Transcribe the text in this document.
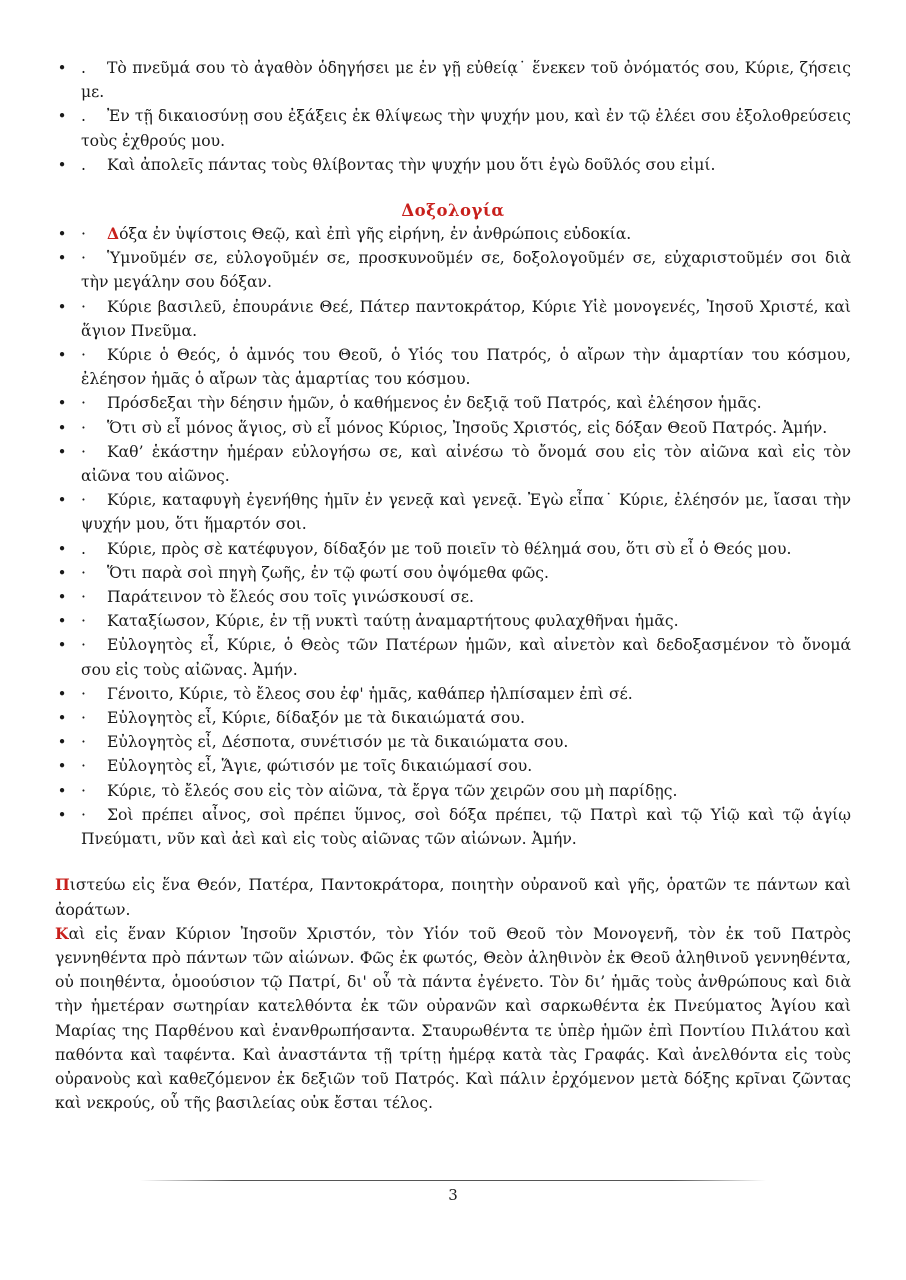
• . Τὸ πνεῦμά σου τὸ ἀγαθὸν ὁδηγήσει με ἐν γῇ εὐθείᾳ˙ ἕνεκεν τοῦ ὀνόματός σου, Κύριε, ζήσεις με.
• . Ἐν τῇ δικαιοσύνῃ σου ἐξάξεις ἐκ θλίψεως τὴν ψυχήν μου, καὶ ἐν τῷ ἐλέει σου ἐξολοθρεύσεις τοὺς ἐχθρούς μου.
• . Καὶ ἀπολεῖς πάντας τοὺς θλίβοντας τὴν ψυχήν μου ὅτι ἐγὼ δοῦλός σου εἰμί.
Δοξολογία
• · Δόξα ἐν ὑψίστοις Θεῷ, καὶ ἐπὶ γῆς εἰρήνη, ἐν ἀνθρώποις εὐδοκία.
• · Ὑμνοῦμέν σε, εὐλογοῦμέν σε, προσκυνοῦμέν σε, δοξολογοῦμέν σε, εὐχαριστοῦμέν σοι διὰ τὴν μεγάλην σου δόξαν.
• · Κύριε βασιλεῦ, ἐπουράνιε Θεέ, Πάτερ παντοκράτορ, Κύριε Υἱὲ μονογενές, Ἰησοῦ Χριστέ, καὶ ἅγιον Πνεῦμα.
• · Κύριε ὁ Θεός, ὁ ἀμνός του Θεοῦ, ὁ Υἱός του Πατρός, ὁ αἴρων τὴν ἁμαρτίαν του κόσμου, ἐλέησον ἡμᾶς ὁ αἴρων τὰς ἁμαρτίας του κόσμου.
• · Πρόσδεξαι τὴν δέησιν ἡμῶν, ὁ καθήμενος ἐν δεξιᾷ τοῦ Πατρός, καὶ ἐλέησον ἡμᾶς.
• · Ὅτι σὺ εἶ μόνος ἅγιος, σὺ εἶ μόνος Κύριος, Ἰησοῦς Χριστός, εἰς δόξαν Θεοῦ Πατρός. Ἀμήν.
• · Καθ’ ἑκάστην ἡμέραν εὐλογήσω σε, καὶ αἰνέσω τὸ ὄνομά σου εἰς τὸν αἰῶνα καὶ εἰς τὸν αἰῶνα του αἰῶνος.
• · Κύριε, καταφυγὴ ἐγενήθης ἡμῖν ἐν γενεᾷ καὶ γενεᾷ. Ἐγὼ εἶπα˙ Κύριε, ἐλέησόν με, ἴασαι τὴν ψυχήν μου, ὅτι ἥμαρτόν σοι.
• . Κύριε, πρὸς σὲ κατέφυγον, δίδαξόν με τοῦ ποιεῖν τὸ θέλημά σου, ὅτι σὺ εἶ ὁ Θεός μου.
• · Ὅτι παρὰ σοὶ πηγὴ ζωῆς, ἐν τῷ φωτί σου ὀψόμεθα φῶς.
• · Παράτεινον τὸ ἔλεός σου τοῖς γινώσκουσί σε.
• · Καταξίωσον, Κύριε, ἐν τῇ νυκτὶ ταύτῃ ἀναμαρτήτους φυλαχθῆναι ἡμᾶς.
• · Εὐλογητὸς εἶ, Κύριε, ὁ Θεὸς τῶν Πατέρων ἡμῶν, καὶ αἰνετὸν καὶ δεδοξασμένον τὸ ὄνομά σου εἰς τοὺς αἰῶνας. Ἀμήν.
• · Γένοιτο, Κύριε, τὸ ἔλεος σου ἐφ' ἡμᾶς, καθάπερ ἠλπίσαμεν ἐπὶ σέ.
• · Εὐλογητὸς εἶ, Κύριε, δίδαξόν με τὰ δικαιώματά σου.
• · Εὐλογητὸς εἶ, Δέσποτα, συνέτισόν με τὰ δικαιώματα σου.
• · Εὐλογητὸς εἶ, Ἅγιε, φώτισόν με τοῖς δικαιώμασί σου.
• · Κύριε, τὸ ἔλεός σου εἰς τὸν αἰῶνα, τὰ ἔργα τῶν χειρῶν σου μὴ παρίδῃς.
• · Σοὶ πρέπει αἶνος, σοὶ πρέπει ὕμνος, σοὶ δόξα πρέπει, τῷ Πατρὶ καὶ τῷ Υἱῷ καὶ τῷ ἁγίῳ Πνεύματι, νῦν καὶ ἀεὶ καὶ εἰς τοὺς αἰῶνας τῶν αἰώνων. Ἀμήν.

Πιστεύω εἰς ἕνα Θεόν, Πατέρα, Παντοκράτορα, ποιητὴν οὐρανοῦ καὶ γῆς, ὁρατῶν τε πάντων καὶ ἀοράτων.

Καὶ εἰς ἕναν Κύριον Ἰησοῦν Χριστόν, τὸν Υἱόν τοῦ Θεοῦ τὸν Μονογενῆ, τὸν ἐκ τοῦ Πατρὸς γεννηθέντα πρὸ πάντων τῶν αἰώνων. Φῶς ἐκ φωτός, Θεὸν ἀληθινὸν ἐκ Θεοῦ ἀληθινοῦ γεννηθέντα, οὐ ποιηθέντα, ὁμοούσιον τῷ Πατρί, δι' οὗ τὰ πάντα ἐγένετο. Τὸν δι’ ἡμᾶς τοὺς ἀνθρώπους καὶ διὰ τὴν ἡμετέραν σωτηρίαν κατελθόντα ἐκ τῶν οὐρανῶν καὶ σαρκωθέντα ἐκ Πνεύματος Ἁγίου καὶ Μαρίας της Παρθένου καὶ ἐνανθρωπήσαντα. Σταυρωθέντα τε ὑπὲρ ἡμῶν ἐπὶ Ποντίου Πιλάτου καὶ παθόντα καὶ ταφέντα. Καὶ ἀναστάντα τῇ τρίτῃ ἡμέρᾳ κατὰ τὰς Γραφάς. Καὶ ἀνελθόντα εἰς τοὺς οὐρανοὺς καὶ καθεζόμενον ἐκ δεξιῶν τοῦ Πατρός. Καὶ πάλιν ἐρχόμενον μετὰ δόξης κρῖναι ζῶντας καὶ νεκρούς, οὗ τῆς βασιλείας οὐκ ἔσται τέλος.

3
